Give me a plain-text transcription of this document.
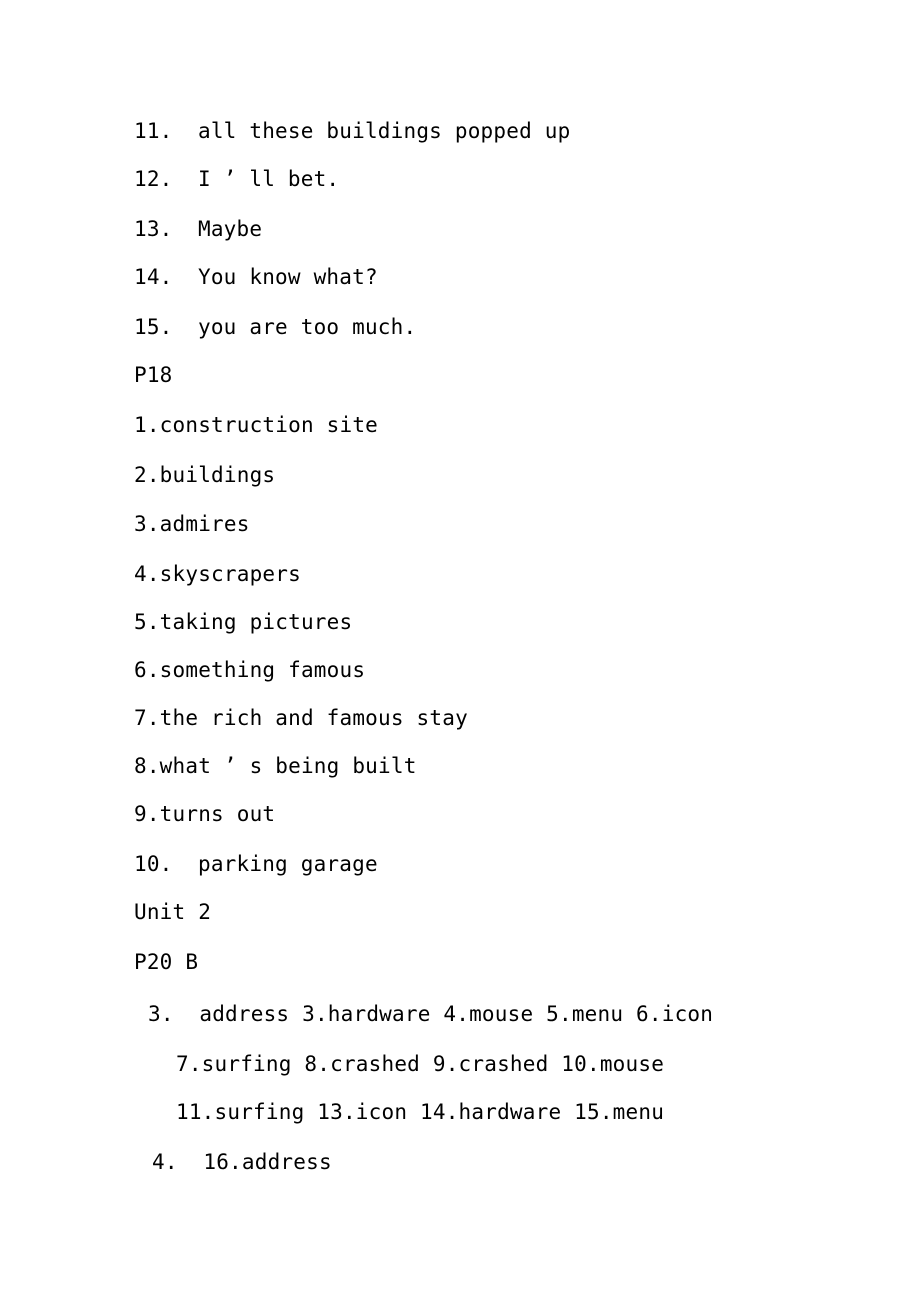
11. all these buildings popped up
12. I ’ ll bet.
13. Maybe
14. You know what?
15. you are too much.
P18
1.construction site
2.buildings
3.admires
4.skyscrapers
5.taking pictures
6.something famous
7.the rich and famous stay
8.what ’ s being built
9.turns out
10. parking garage
Unit 2
P20 B
3.  address 3.hardware 4.mouse 5.menu 6.icon
7.surfing 8.crashed 9.crashed 10.mouse
11.surfing 13.icon 14.hardware 15.menu
4.  16.address
